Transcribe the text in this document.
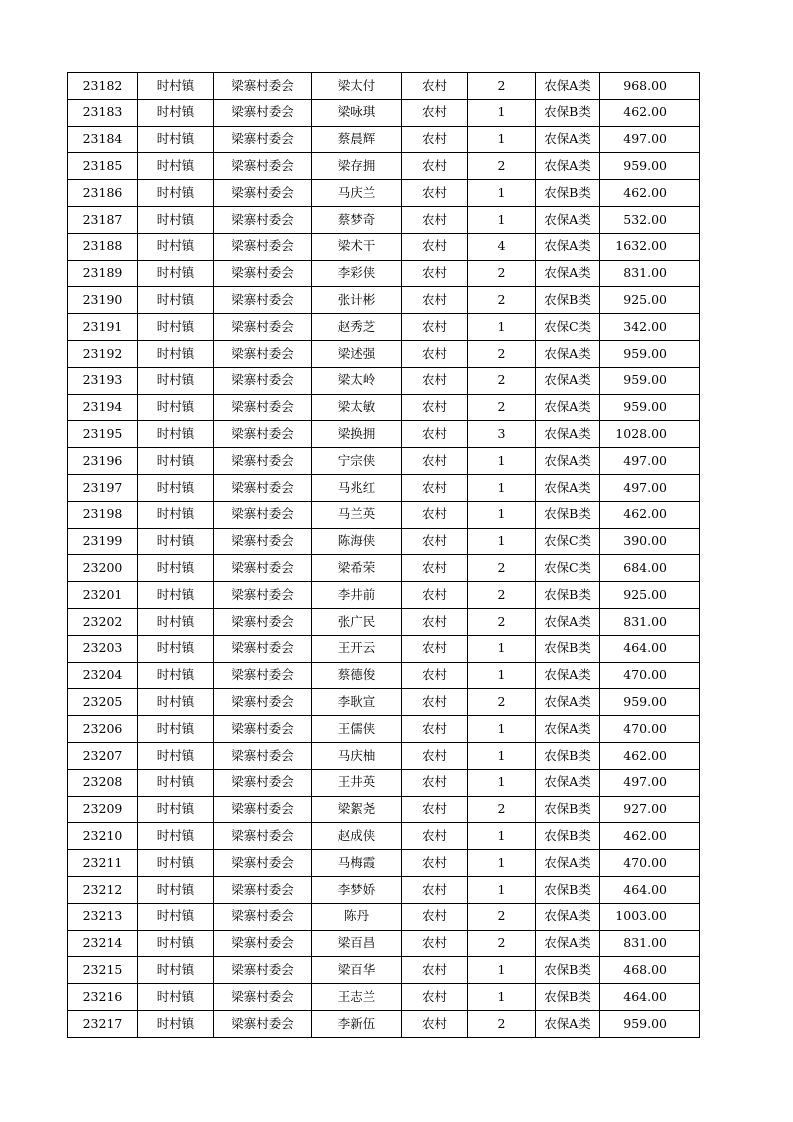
23182	时村镇	梁寨村委会	梁太付	农村	2	农保A类	968.00
23183	时村镇	梁寨村委会	梁咏琪	农村	1	农保B类	462.00
23184	时村镇	梁寨村委会	蔡晨辉	农村	1	农保A类	497.00
23185	时村镇	梁寨村委会	梁存拥	农村	2	农保A类	959.00
23186	时村镇	梁寨村委会	马庆兰	农村	1	农保B类	462.00
23187	时村镇	梁寨村委会	蔡梦奇	农村	1	农保A类	532.00
23188	时村镇	梁寨村委会	梁术干	农村	4	农保A类	1632.00
23189	时村镇	梁寨村委会	李彩侠	农村	2	农保A类	831.00
23190	时村镇	梁寨村委会	张计彬	农村	2	农保B类	925.00
23191	时村镇	梁寨村委会	赵秀芝	农村	1	农保C类	342.00
23192	时村镇	梁寨村委会	梁述强	农村	2	农保A类	959.00
23193	时村镇	梁寨村委会	梁太岭	农村	2	农保A类	959.00
23194	时村镇	梁寨村委会	梁太敏	农村	2	农保A类	959.00
23195	时村镇	梁寨村委会	梁换拥	农村	3	农保A类	1028.00
23196	时村镇	梁寨村委会	宁宗侠	农村	1	农保A类	497.00
23197	时村镇	梁寨村委会	马兆红	农村	1	农保A类	497.00
23198	时村镇	梁寨村委会	马兰英	农村	1	农保B类	462.00
23199	时村镇	梁寨村委会	陈海侠	农村	1	农保C类	390.00
23200	时村镇	梁寨村委会	梁希荣	农村	2	农保C类	684.00
23201	时村镇	梁寨村委会	李井前	农村	2	农保B类	925.00
23202	时村镇	梁寨村委会	张广民	农村	2	农保A类	831.00
23203	时村镇	梁寨村委会	王开云	农村	1	农保B类	464.00
23204	时村镇	梁寨村委会	蔡德俊	农村	1	农保A类	470.00
23205	时村镇	梁寨村委会	李耿宣	农村	2	农保A类	959.00
23206	时村镇	梁寨村委会	王儒侠	农村	1	农保A类	470.00
23207	时村镇	梁寨村委会	马庆柚	农村	1	农保B类	462.00
23208	时村镇	梁寨村委会	王井英	农村	1	农保A类	497.00
23209	时村镇	梁寨村委会	梁絮尧	农村	2	农保B类	927.00
23210	时村镇	梁寨村委会	赵成侠	农村	1	农保B类	462.00
23211	时村镇	梁寨村委会	马梅霞	农村	1	农保A类	470.00
23212	时村镇	梁寨村委会	李梦娇	农村	1	农保B类	464.00
23213	时村镇	梁寨村委会	陈丹	农村	2	农保A类	1003.00
23214	时村镇	梁寨村委会	梁百昌	农村	2	农保A类	831.00
23215	时村镇	梁寨村委会	梁百华	农村	1	农保B类	468.00
23216	时村镇	梁寨村委会	王志兰	农村	1	农保B类	464.00
23217	时村镇	梁寨村委会	李新伍	农村	2	农保A类	959.00
